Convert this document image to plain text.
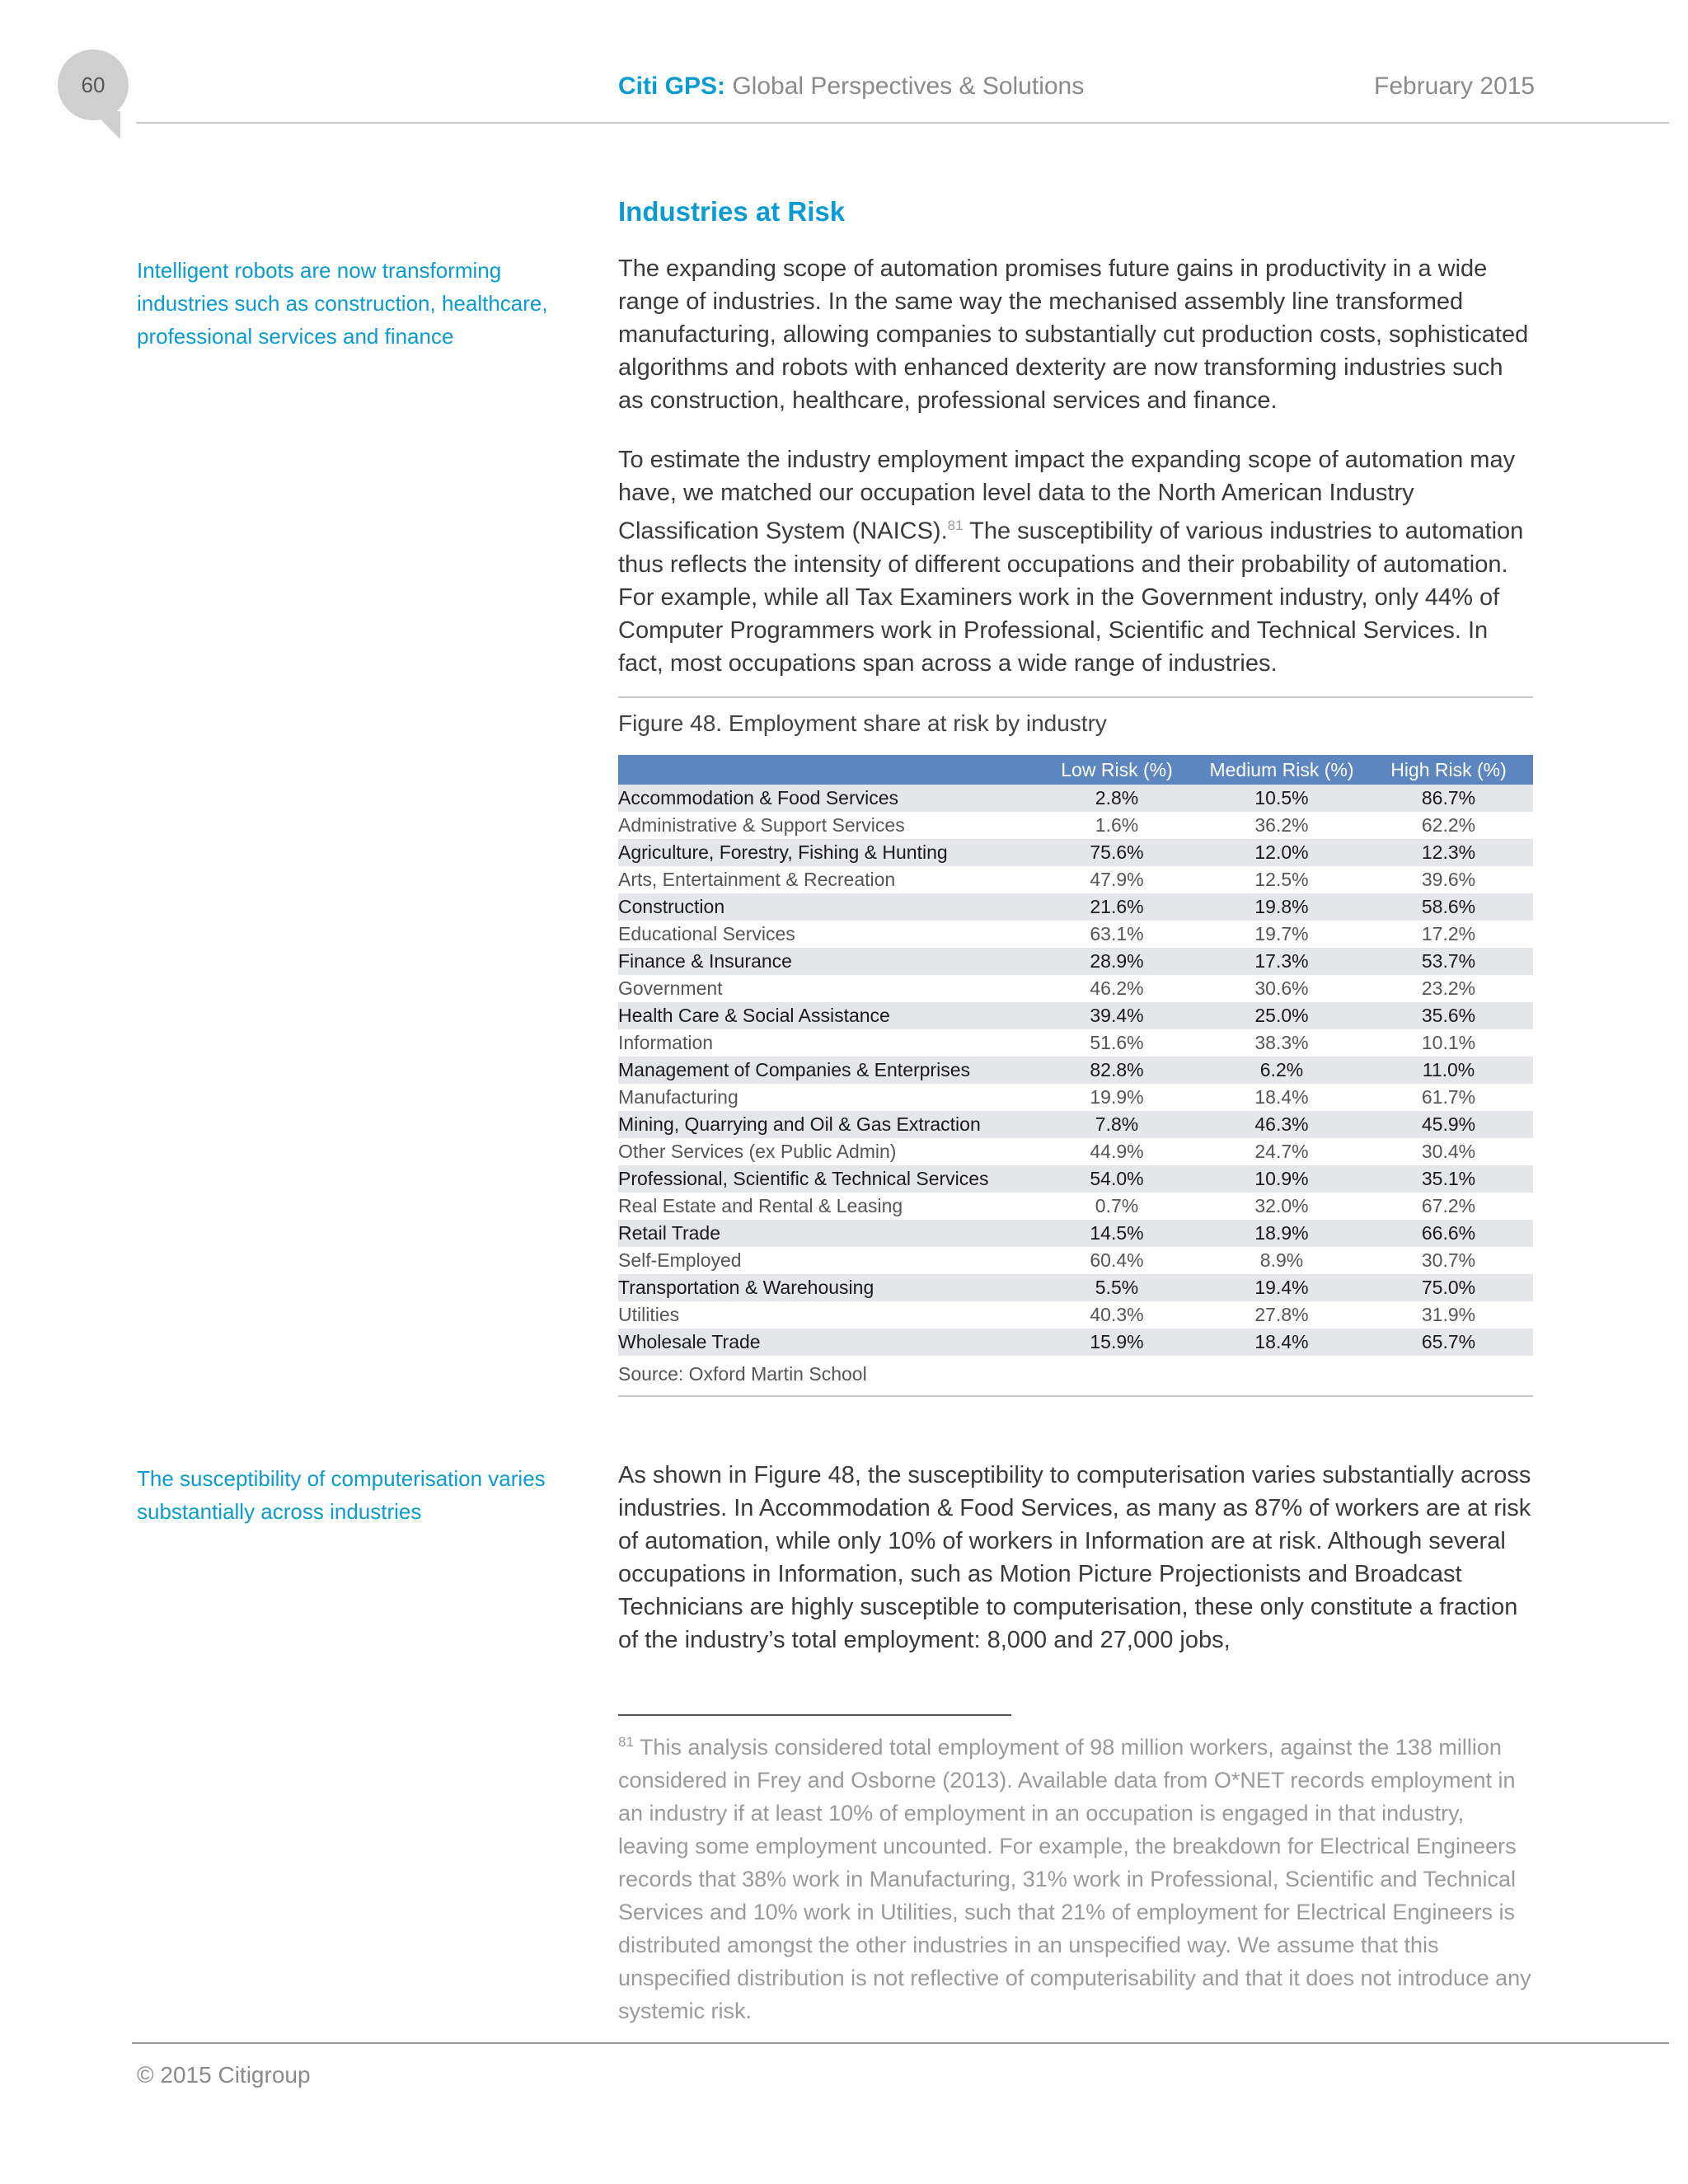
60	Citi GPS: Global Perspectives & Solutions	February 2015
Intelligent robots are now transforming industries such as construction, healthcare, professional services and finance
The susceptibility of computerisation varies substantially across industries
Industries at Risk
The expanding scope of automation promises future gains in productivity in a wide range of industries. In the same way the mechanised assembly line transformed manufacturing, allowing companies to substantially cut production costs, sophisticated algorithms and robots with enhanced dexterity are now transforming industries such as construction, healthcare, professional services and finance.
To estimate the industry employment impact the expanding scope of automation may have, we matched our occupation level data to the North American Industry Classification System (NAICS).$^{81}$ The susceptibility of various industries to automation thus reflects the intensity of different occupations and their probability of automation. For example, while all Tax Examiners work in the Government industry, only 44% of Computer Programmers work in Professional, Scientific and Technical Services. In fact, most occupations span across a wide range of industries.
Figure 48. Employment share at risk by industry
	Low Risk (%)	Medium Risk (%)	High Risk (%)
Accommodation & Food Services	2.8%	10.5%	86.7%
Administrative & Support Services	1.6%	36.2%	62.2%
Agriculture, Forestry, Fishing & Hunting	75.6%	12.0%	12.3%
Arts, Entertainment & Recreation	47.9%	12.5%	39.6%
Construction	21.6%	19.8%	58.6%
Educational Services	63.1%	19.7%	17.2%
Finance & Insurance	28.9%	17.3%	53.7%
Government	46.2%	30.6%	23.2%
Health Care & Social Assistance	39.4%	25.0%	35.6%
Information	51.6%	38.3%	10.1%
Management of Companies & Enterprises	82.8%	6.2%	11.0%
Manufacturing	19.9%	18.4%	61.7%
Mining, Quarrying and Oil & Gas Extraction	7.8%	46.3%	45.9%
Other Services (ex Public Admin)	44.9%	24.7%	30.4%
Professional, Scientific & Technical Services	54.0%	10.9%	35.1%
Real Estate and Rental & Leasing	0.7%	32.0%	67.2%
Retail Trade	14.5%	18.9%	66.6%
Self-Employed	60.4%	8.9%	30.7%
Transportation & Warehousing	5.5%	19.4%	75.0%
Utilities	40.3%	27.8%	31.9%
Wholesale Trade	15.9%	18.4%	65.7%
Source: Oxford Martin School
As shown in Figure 48, the susceptibility to computerisation varies substantially across industries. In Accommodation & Food Services, as many as 87% of workers are at risk of automation, while only 10% of workers in Information are at risk. Although several occupations in Information, such as Motion Picture Projectionists and Broadcast Technicians are highly susceptible to computerisation, these only constitute a fraction of the industry’s total employment: 8,000 and 27,000 jobs,
$^{81}$ This analysis considered total employment of 98 million workers, against the 138 million considered in Frey and Osborne (2013). Available data from O*NET records employment in an industry if at least 10% of employment in an occupation is engaged in that industry, leaving some employment uncounted. For example, the breakdown for Electrical Engineers records that 38% work in Manufacturing, 31% work in Professional, Scientific and Technical Services and 10% work in Utilities, such that 21% of employment for Electrical Engineers is distributed amongst the other industries in an unspecified way. We assume that this unspecified distribution is not reflective of computerisability and that it does not introduce any systemic risk.
© 2015 Citigroup
